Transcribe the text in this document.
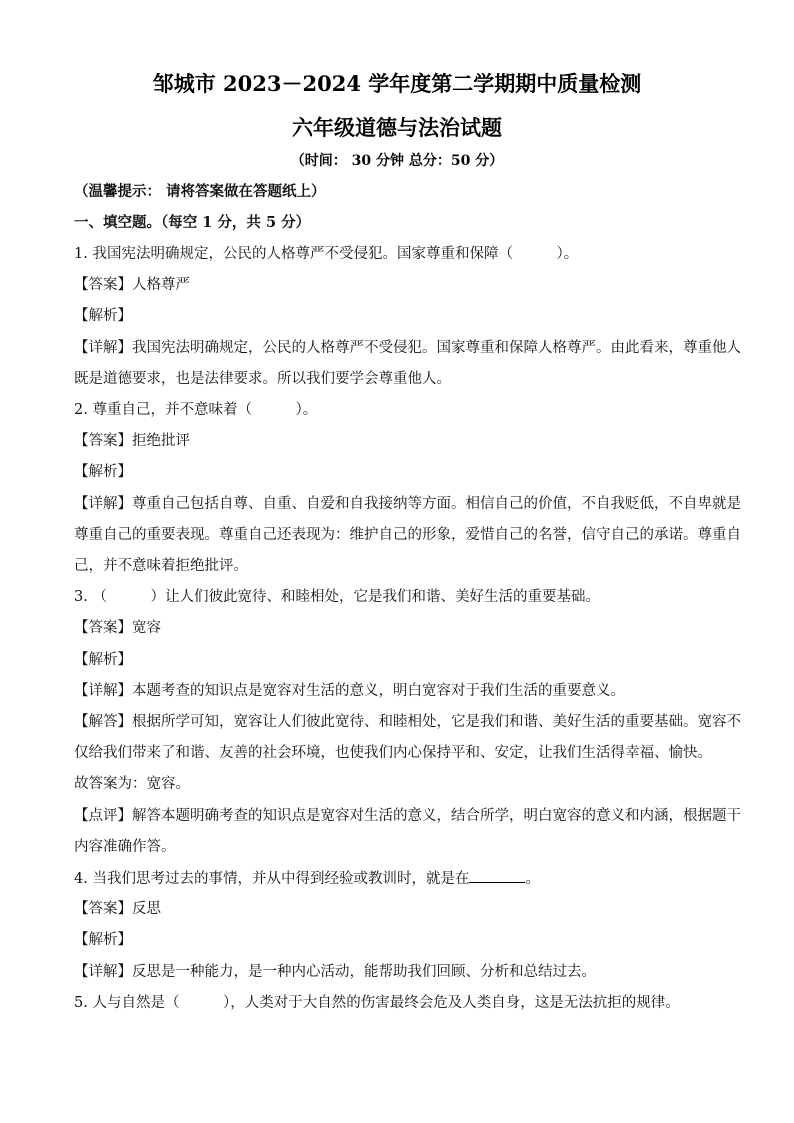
邹城市 2023－2024 学年度第二学期期中质量检测
六年级道德与法治试题
（时间： 30 分钟 总分：50 分）
（温馨提示： 请将答案做在答题纸上）
一、填空题。（每空 1 分，共 5 分）
1. 我国宪法明确规定，公民的人格尊严不受侵犯。国家尊重和保障（　　　）。
【答案】人格尊严
【解析】
【详解】我国宪法明确规定，公民的人格尊严不受侵犯。国家尊重和保障人格尊严。由此看来，尊重他人
既是道德要求，也是法律要求。所以我们要学会尊重他人。
2. 尊重自己，并不意味着（　　　）。
【答案】拒绝批评
【解析】
【详解】尊重自己包括自尊、自重、自爱和自我接纳等方面。相信自己的价值，不自我贬低，不自卑就是
尊重自己的重要表现。尊重自己还表现为：维护自己的形象，爱惜自己的名誉，信守自己的承诺。尊重自
己，并不意味着拒绝批评。
3. （　　　）让人们彼此宽待、和睦相处，它是我们和谐、美好生活的重要基础。
【答案】宽容
【解析】
【详解】本题考查的知识点是宽容对生活的意义，明白宽容对于我们生活的重要意义。
【解答】根据所学可知，宽容让人们彼此宽待、和睦相处，它是我们和谐、美好生活的重要基础。宽容不
仅给我们带来了和谐、友善的社会环境，也使我们内心保持平和、安定，让我们生活得幸福、愉快。
故答案为：宽容。
【点评】解答本题明确考查的知识点是宽容对生活的意义，结合所学，明白宽容的意义和内涵，根据题干
内容准确作答。
4. 当我们思考过去的事情，并从中得到经验或教训时，就是在	。
【答案】反思
【解析】
【详解】反思是一种能力，是一种内心活动，能帮助我们回顾、分析和总结过去。
5. 人与自然是（　　　），人类对于大自然的伤害最终会危及人类自身，这是无法抗拒的规律。
